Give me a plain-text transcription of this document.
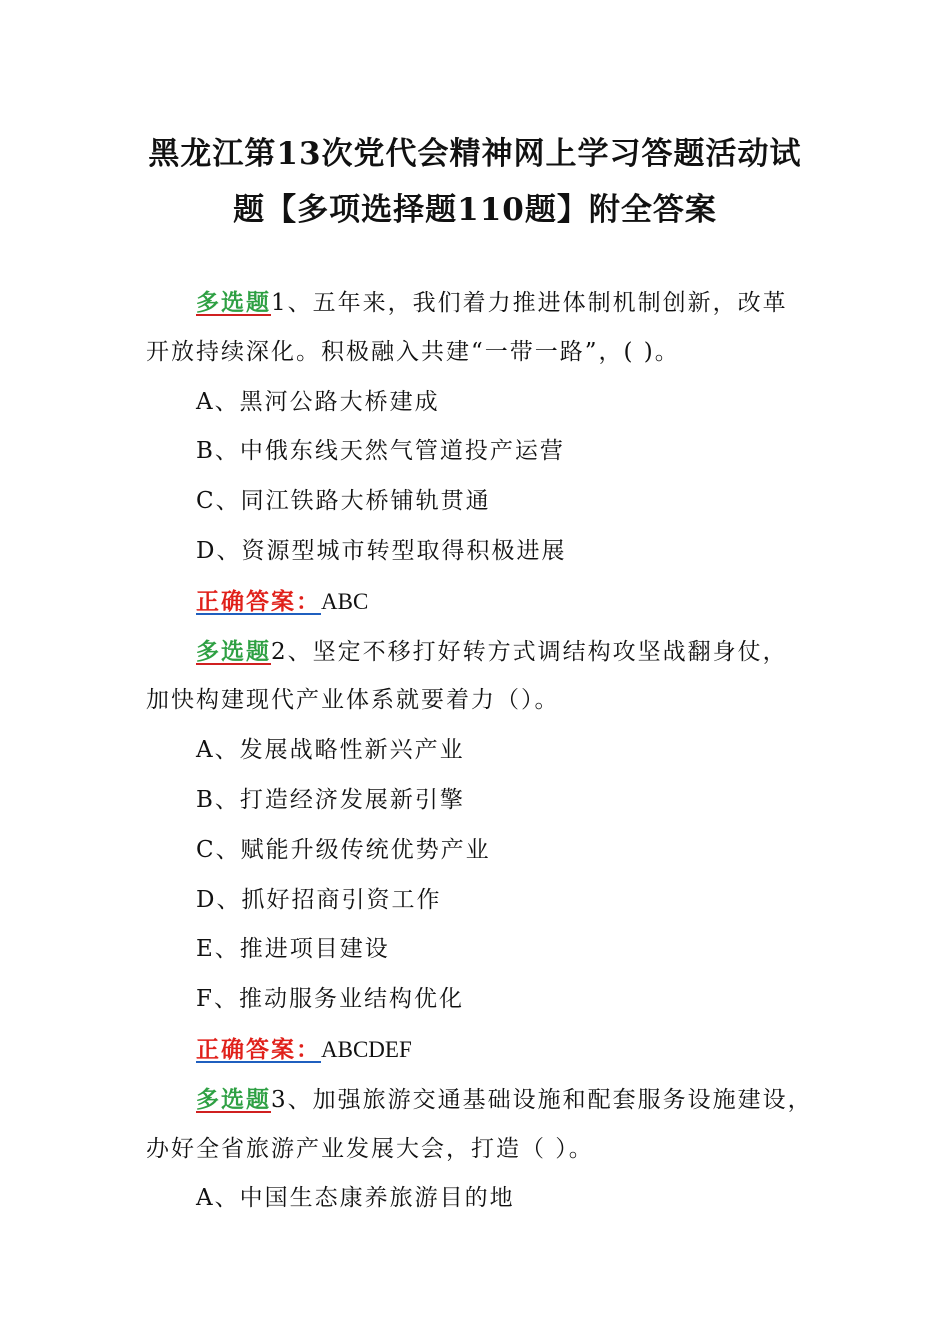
黑龙江第13次党代会精神网上学习答题活动试
题【多项选择题110题】附全答案
多选题1、五年来，我们着力推进体制机制创新，改革
开放持续深化。积极融入共建“一带一路”，( )。
A、黑河公路大桥建成
B、中俄东线天然气管道投产运营
C、同江铁路大桥铺轨贯通
D、资源型城市转型取得积极进展
正确答案：ABC
多选题2、坚定不移打好转方式调结构攻坚战翻身仗，
加快构建现代产业体系就要着力（）。
A、发展战略性新兴产业
B、打造经济发展新引擎
C、赋能升级传统优势产业
D、抓好招商引资工作
E、推进项目建设
F、推动服务业结构优化
正确答案：ABCDEF
多选题3、加强旅游交通基础设施和配套服务设施建设，
办好全省旅游产业发展大会，打造（ ）。
A、中国生态康养旅游目的地
